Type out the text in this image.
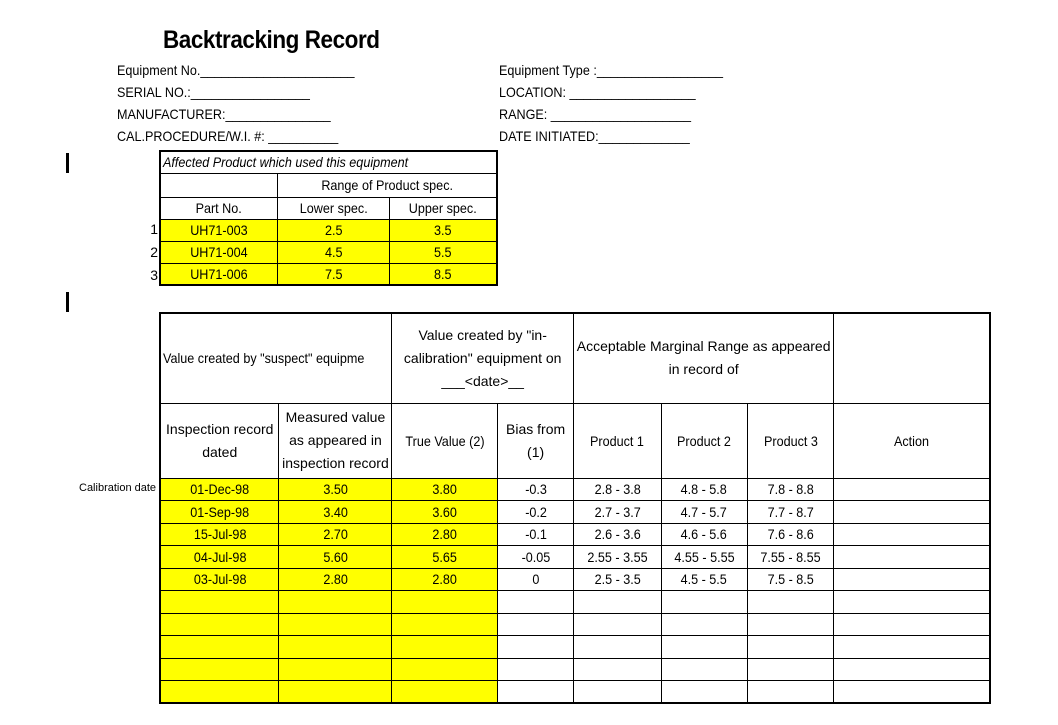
Backtracking Record
Equipment No.______________________
SERIAL NO.:_________________
MANUFACTURER:_______________
CAL.PROCEDURE/W.I. #: __________
Equipment Type :__________________
LOCATION: __________________
RANGE: ____________________
DATE INITIATED:_____________
1
2
3
Affected Product which used this equipment		
	Range of Product spec.	
Part No.	Lower spec.	Upper spec.
UH71-003	2.5	3.5
UH71-004	4.5	5.5
UH71-006	7.5	8.5
Calibration date
Value created by "suspect" equipme		Value created by "in-calibration" equipment on ___<date>__		Acceptable Marginal Range as appeared in record of			
Inspection record dated	Measured value as appeared in inspection record	True Value (2)	Bias from (1)	Product 1	Product 2	Product 3	Action
01-Dec-98	3.50	3.80	-0.3	2.8 - 3.8	4.8 - 5.8	7.8 - 8.8	
01-Sep-98	3.40	3.60	-0.2	2.7 - 3.7	4.7 - 5.7	7.7 - 8.7	
15-Jul-98	2.70	2.80	-0.1	2.6 - 3.6	4.6 - 5.6	7.6 - 8.6	
04-Jul-98	5.60	5.65	-0.05	2.55 - 3.55	4.55 - 5.55	7.55 - 8.55	
03-Jul-98	2.80	2.80	0	2.5 - 3.5	4.5 - 5.5	7.5 - 8.5	
